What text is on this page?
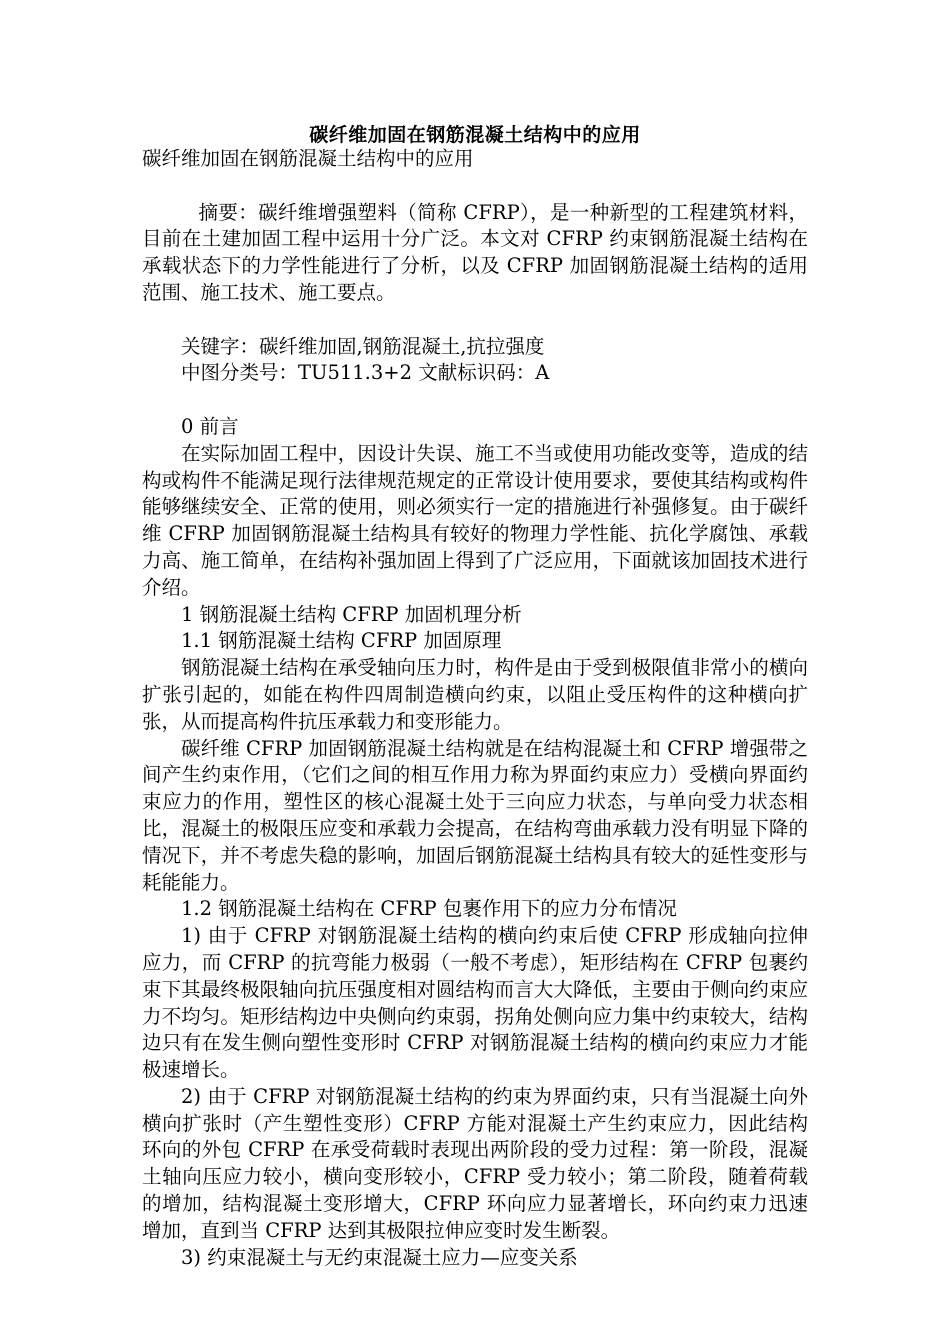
碳纤维加固在钢筋混凝土结构中的应用

碳纤维加固在钢筋混凝土结构中的应用

摘要：碳纤维增强塑料（简称 CFRP），是一种新型的工程建筑材料，目前在土建加固工程中运用十分广泛。本文对 CFRP 约束钢筋混凝土结构在承载状态下的力学性能进行了分析，以及 CFRP 加固钢筋混凝土结构的适用范围、施工技术、施工要点。

关键字：碳纤维加固,钢筋混凝土,抗拉强度

中图分类号：TU511.3+2 文献标识码：A

0 前言

在实际加固工程中，因设计失误、施工不当或使用功能改变等，造成的结构或构件不能满足现行法律规范规定的正常设计使用要求，要使其结构或构件能够继续安全、正常的使用，则必须实行一定的措施进行补强修复。由于碳纤维 CFRP 加固钢筋混凝土结构具有较好的物理力学性能、抗化学腐蚀、承载力高、施工简单，在结构补强加固上得到了广泛应用，下面就该加固技术进行介绍。

1 钢筋混凝土结构 CFRP 加固机理分析

1.1 钢筋混凝土结构 CFRP 加固原理

钢筋混凝土结构在承受轴向压力时，构件是由于受到极限值非常小的横向扩张引起的，如能在构件四周制造横向约束，以阻止受压构件的这种横向扩张，从而提高构件抗压承载力和变形能力。

碳纤维 CFRP 加固钢筋混凝土结构就是在结构混凝土和 CFRP 增强带之间产生约束作用，（它们之间的相互作用力称为界面约束应力）受横向界面约束应力的作用，塑性区的核心混凝土处于三向应力状态，与单向受力状态相比，混凝土的极限压应变和承载力会提高，在结构弯曲承载力没有明显下降的情况下，并不考虑失稳的影响，加固后钢筋混凝土结构具有较大的延性变形与耗能能力。

1.2 钢筋混凝土结构在 CFRP 包裹作用下的应力分布情况

1) 由于 CFRP 对钢筋混凝土结构的横向约束后使 CFRP 形成轴向拉伸应力，而 CFRP 的抗弯能力极弱（一般不考虑），矩形结构在 CFRP 包裹约束下其最终极限轴向抗压强度相对圆结构而言大大降低，主要由于侧向约束应力不均匀。矩形结构边中央侧向约束弱，拐角处侧向应力集中约束较大，结构边只有在发生侧向塑性变形时 CFRP 对钢筋混凝土结构的横向约束应力才能极速增长。

2) 由于 CFRP 对钢筋混凝土结构的约束为界面约束，只有当混凝土向外横向扩张时（产生塑性变形）CFRP 方能对混凝土产生约束应力，因此结构环向的外包 CFRP 在承受荷载时表现出两阶段的受力过程：第一阶段，混凝土轴向压应力较小，横向变形较小，CFRP 受力较小；第二阶段，随着荷载的增加，结构混凝土变形增大，CFRP 环向应力显著增长，环向约束力迅速增加，直到当 CFRP 达到其极限拉伸应变时发生断裂。

3) 约束混凝土与无约束混凝土应力—应变关系
